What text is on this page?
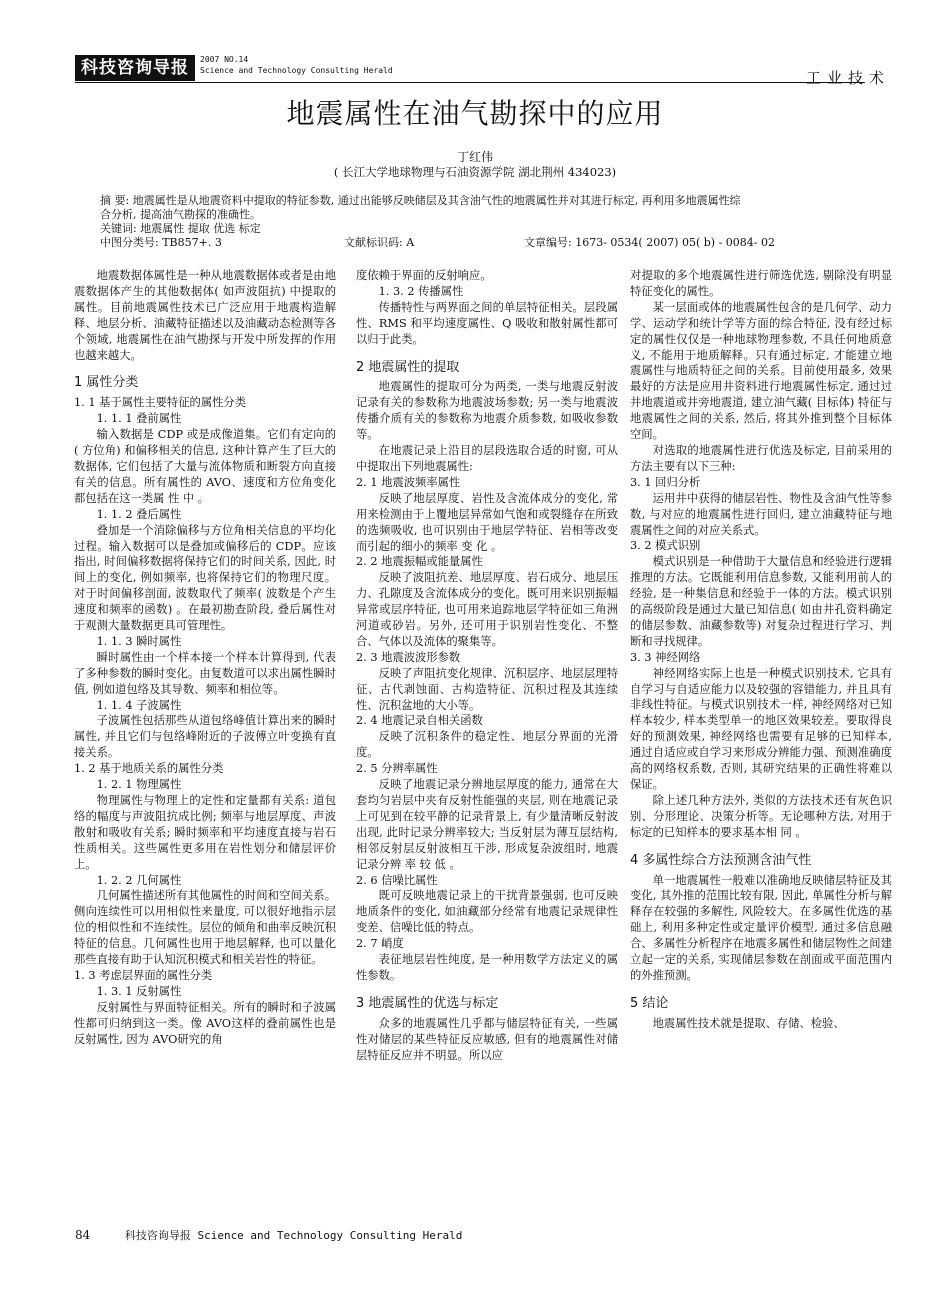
科技咨询导报	2007 NO.14
Science and Technology Consulting Herald	工业技术
地震属性在油气勘探中的应用
丁红伟
( 长江大学地球物理与石油资源学院 湖北荆州 434023)
摘 要: 地震属性是从地震资料中提取的特征参数, 通过出能够反映储层及其含油气性的地震属性并对其进行标定, 再利用多地震属性综
合分析, 提高油气勘探的准确性。
关键词: 地震属性 提取 优选 标定
中图分类号: TB857+. 3	文献标识码: A	文章编号: 1673- 0534( 2007) 05( b) - 0084- 02

地震数据体属性是一种从地震数据体或者是由地震数据体产生的其他数据体( 如声波阻抗) 中提取的属性。目前地震属性技术已广泛应用于地震构造解释、地层分析、油藏特征描述以及油藏动态检测等各个领域, 地震属性在油气勘探与开发中所发挥的作用也越来越大。

1 属性分类
1. 1 基于属性主要特征的属性分类
1. 1. 1 叠前属性

输入数据是 CDP 或是成像道集。它们有定向的( 方位角) 和偏移相关的信息, 这种计算产生了巨大的数据体, 它们包括了大量与流体物质和断裂方向直接有关的信息。所有属性的 AVO、速度和方位角变化都包括在这一类属 性 中 。

1. 1. 2 叠后属性

叠加是一个消除偏移与方位角相关信息的平均化过程。输入数据可以是叠加或偏移后的 CDP。应该指出, 时间偏移数据将保持它们的时间关系, 因此, 时间上的变化, 例如频率, 也将保持它们的物理尺度。对于时间偏移剖面, 波数取代了频率( 波数是个产生速度和频率的函数) 。在最初勘查阶段, 叠后属性对于观测大量数据更具可管理性。

1. 1. 3 瞬时属性

瞬时属性由一个样本接一个样本计算得到, 代表了多种参数的瞬时变化。由复数道可以求出属性瞬时值, 例如道包络及其导数、频率和相位等。

1. 1. 4 子波属性

子波属性包括那些从道包络峰值计算出来的瞬时属性, 并且它们与包络峰附近的子波傅立叶变换有直接关系。

1. 2 基于地质关系的属性分类
1. 2. 1 物理属性

物理属性与物理上的定性和定量都有关系: 道包络的幅度与声波阻抗成比例; 频率与地层厚度、声波散射和吸收有关系; 瞬时频率和平均速度直接与岩石性质相关。这些属性更多用在岩性划分和储层评价上。

1. 2. 2 几何属性

几何属性描述所有其他属性的时间和空间关系。侧向连续性可以用相似性来量度, 可以很好地指示层位的相似性和不连续性。层位的倾角和曲率反映沉积特征的信息。几何属性也用于地层解释, 也可以量化那些直接有助于认知沉积模式和相关岩性的特征。

1. 3 考虑层界面的属性分类
1. 3. 1 反射属性

反射属性与界面特征相关。所有的瞬时和子波属性都可归纳到这一类。像 AVO这样的叠前属性也是反射属性, 因为 AVO研究的角

度依赖于界面的反射响应。

1. 3. 2 传播属性

传播特性与两界面之间的单层特征相关。层段属性、RMS 和平均速度属性、Q 吸收和散射属性都可以归于此类。

2 地震属性的提取

地震属性的提取可分为两类, 一类与地震反射波记录有关的参数称为地震波场参数; 另一类与地震波传播介质有关的参数称为地震介质参数, 如吸收参数等。

在地震记录上沿目的层段选取合适的时窗, 可从中提取出下列地震属性:

2. 1 地震波频率属性

反映了地层厚度、岩性及含流体成分的变化, 常用来检测由于上覆地层异常如气饱和或裂缝存在所致的选频吸收, 也可识别由于地层学特征、岩相等改变而引起的细小的频率 变 化 。

2. 2 地震振幅或能量属性

反映了波阻抗差、地层厚度、岩石成分、地层压力、孔隙度及含流体成分的变化。既可用来识别振幅异常或层序特征, 也可用来追踪地层学特征如三角洲河道或砂岩。另外, 还可用于识别岩性变化、不整合、气体以及流体的聚集等。

2. 3 地震波波形参数

反映了声阻抗变化规律、沉积层序、地层层理特征、古代剥蚀面、古构造特征、沉积过程及其连续性、沉积盆地的大小等。

2. 4 地震记录自相关函数

反映了沉积条件的稳定性、地层分界面的光滑度。

2. 5 分辨率属性

反映了地震记录分辨地层厚度的能力, 通常在大套均匀岩层中夹有反射性能强的夹层, 则在地震记录上可见到在较平静的记录背景上, 有少量清晰反射波出现, 此时记录分辨率较大; 当反射层为薄互层结构, 相邻反射层反射波相互干涉, 形成复杂波组时, 地震记录分辨 率 较 低 。

2. 6 信噪比属性

既可反映地震记录上的干扰背景强弱, 也可反映地质条件的变化, 如油藏部分经常有地震记录规律性变差、信噪比低的特点。

2. 7 峭度

表征地层岩性纯度, 是一种用数学方法定义的属性参数。

3 地震属性的优选与标定

众多的地震属性几乎都与储层特征有关, 一些属性对储层的某些特征反应敏感, 但有的地震属性对储层特征反应并不明显。所以应

对提取的多个地震属性进行筛选优选, 剔除没有明显特征变化的属性。

某一层面或体的地震属性包含的是几何学、动力学、运动学和统计学等方面的综合特征, 没有经过标定的属性仅仅是一种地球物理参数, 不具任何地质意义, 不能用于地质解释。只有通过标定, 才能建立地震属性与地质特征之间的关系。目前使用最多, 效果最好的方法是应用井资料进行地震属性标定, 通过过井地震道或井旁地震道, 建立油气藏( 目标体) 特征与地震属性之间的关系, 然后, 将其外推到整个目标体空间。

对选取的地震属性进行优选及标定, 目前采用的方法主要有以下三种:

3. 1 回归分析

运用井中获得的储层岩性、物性及含油气性等参数, 与对应的地震属性进行回归, 建立油藏特征与地震属性之间的对应关系式。

3. 2 模式识别

模式识别是一种借助于大量信息和经验进行逻辑推理的方法。它既能利用信息参数, 又能利用前人的经验, 是一种集信息和经验于一体的方法。模式识别的高级阶段是通过大量已知信息( 如由井孔资料确定的储层参数、油藏参数等) 对复杂过程进行学习、判断和寻找规律。

3. 3 神经网络

神经网络实际上也是一种模式识别技术, 它具有自学习与自适应能力以及较强的容错能力, 并且具有非线性特征。与模式识别技术一样, 神经网络对已知样本较少, 样本类型单一的地区效果较差。要取得良好的预测效果, 神经网络也需要有足够的已知样本, 通过自适应或自学习来形成分辨能力强、预测准确度高的网络权系数, 否则, 其研究结果的正确性将难以保证。

除上述几种方法外, 类似的方法技术还有灰色识别、分形理论、决策分析等。无论哪种方法, 对用于标定的已知样本的要求基本相 同 。

4 多属性综合方法预测含油气性

单一地震属性一般难以准确地反映储层特征及其变化, 其外推的范围比较有限, 因此, 单属性分析与解释存在较强的多解性, 风险较大。在多属性优选的基础上, 利用多种定性或定量评价模型, 通过多信息融合、多属性分析程序在地震多属性和储层物性之间建立起一定的关系, 实现储层参数在剖面或平面范围内的外推预测。

5 结论

地震属性技术就是提取、存储、检验、

84	科技咨询导报 Science and Technology Consulting Herald
